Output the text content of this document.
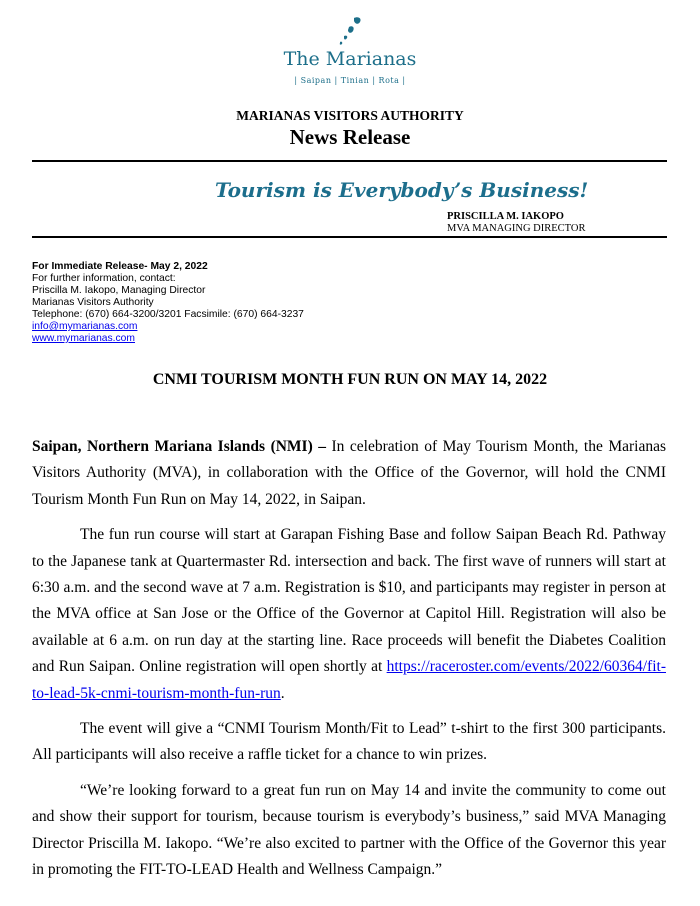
The Marianas
| Saipan | Tinian | Rota |
MARIANAS VISITORS AUTHORITY
News Release
Tourism is Everybody’s Business!
PRISCILLA M. IAKOPO
MVA MANAGING DIRECTOR
For Immediate Release- May 2, 2022
For further information, contact:
Priscilla M. Iakopo, Managing Director
Marianas Visitors Authority
Telephone: (670) 664-3200/3201 Facsimile: (670) 664-3237
info@mymarianas.com
www.mymarianas.com
CNMI TOURISM MONTH FUN RUN ON MAY 14, 2022

Saipan, Northern Mariana Islands (NMI) – In celebration of May Tourism Month, the Marianas Visitors Authority (MVA), in collaboration with the Office of the Governor, will hold the CNMI Tourism Month Fun Run on May 14, 2022, in Saipan.

The fun run course will start at Garapan Fishing Base and follow Saipan Beach Rd. Pathway to the Japanese tank at Quartermaster Rd. intersection and back. The first wave of runners will start at 6:30 a.m. and the second wave at 7 a.m. Registration is $10, and participants may register in person at the MVA office at San Jose or the Office of the Governor at Capitol Hill. Registration will also be available at 6 a.m. on run day at the starting line. Race proceeds will benefit the Diabetes Coalition and Run Saipan. Online registration will open shortly at https://raceroster.com/events/2022/60364/fit-to-lead-5k-cnmi-tourism-month-fun-run.

The event will give a “CNMI Tourism Month/Fit to Lead” t-shirt to the first 300 participants. All participants will also receive a raffle ticket for a chance to win prizes.

“We’re looking forward to a great fun run on May 14 and invite the community to come out and show their support for tourism, because tourism is everybody’s business,” said MVA Managing Director Priscilla M. Iakopo. “We’re also excited to partner with the Office of the Governor this year in promoting the FIT-TO-LEAD Health and Wellness Campaign.”
